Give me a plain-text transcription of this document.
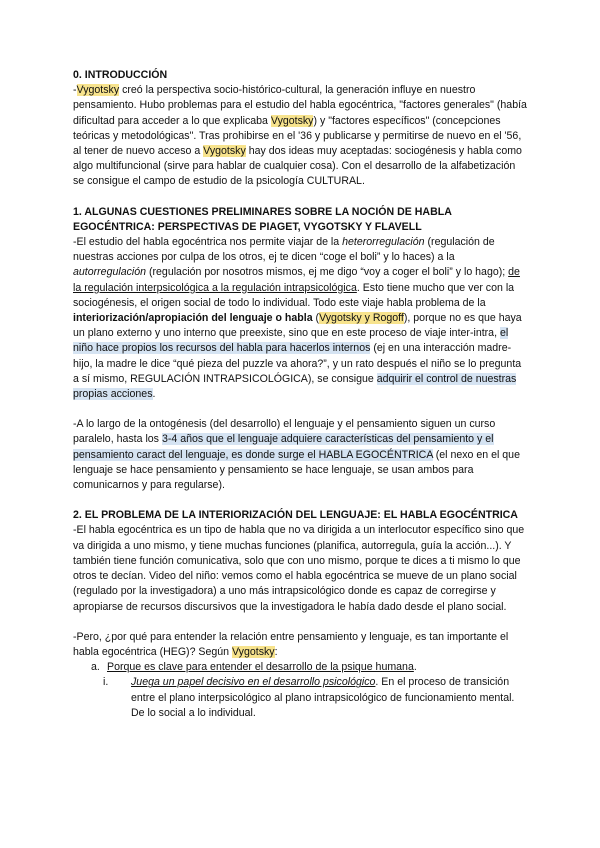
0. INTRODUCCIÓN

-Vygotsky creó la perspectiva socio-histórico-cultural, la generación influye en nuestro pensamiento. Hubo problemas para el estudio del habla egocéntrica, "factores generales" (había dificultad para acceder a lo que explicaba Vygotsky) y "factores específicos" (concepciones teóricas y metodológicas". Tras prohibirse en el '36 y publicarse y permitirse de nuevo en el '56, al tener de nuevo acceso a Vygotsky hay dos ideas muy aceptadas: sociogénesis y habla como algo multifuncional (sirve para hablar de cualquier cosa). Con el desarrollo de la alfabetización se consigue el campo de estudio de la psicología CULTURAL.

1. ALGUNAS CUESTIONES PRELIMINARES SOBRE LA NOCIÓN DE HABLA EGOCÉNTRICA: PERSPECTIVAS DE PIAGET, VYGOTSKY Y FLAVELL

-El estudio del habla egocéntrica nos permite viajar de la heterorregulación (regulación de nuestras acciones por culpa de los otros, ej te dicen “coge el boli” y lo haces) a la autorregulación (regulación por nosotros mismos, ej me digo “voy a coger el boli” y lo hago); de la regulación interpsicológica a la regulación intrapsicológica. Esto tiene mucho que ver con la sociogénesis, el origen social de todo lo individual. Todo este viaje habla problema de la interiorización/apropiación del lenguaje o habla (Vygotsky y Rogoff), porque no es que haya un plano externo y uno interno que preexiste, sino que en este proceso de viaje inter-intra, el niño hace propios los recursos del habla para hacerlos internos (ej en una interacción madre-hijo, la madre le dice “qué pieza del puzzle va ahora?”, y un rato después el niño se lo pregunta a sí mismo, REGULACIÓN INTRAPSICOLÓGICA), se consigue adquirir el control de nuestras propias acciones.

-A lo largo de la ontogénesis (del desarrollo) el lenguaje y el pensamiento siguen un curso paralelo, hasta los 3-4 años que el lenguaje adquiere características del pensamiento y el pensamiento caract del lenguaje, es donde surge el HABLA EGOCÉNTRICA (el nexo en el que lenguaje se hace pensamiento y pensamiento se hace lenguaje, se usan ambos para comunicarnos y para regularse).

2. EL PROBLEMA DE LA INTERIORIZACIÓN DEL LENGUAJE: EL HABLA EGOCÉNTRICA

-El habla egocéntrica es un tipo de habla que no va dirigida a un interlocutor específico sino que va dirigida a uno mismo, y tiene muchas funciones (planifica, autorregula, guía la acción...). Y también tiene función comunicativa, solo que con uno mismo, porque te dices a ti mismo lo que otros te decían. Video del niño: vemos como el habla egocéntrica se mueve de un plano social (regulado por la investigadora) a uno más intrapsicológico donde es capaz de corregirse y apropiarse de recursos discursivos que la investigadora le había dado desde el plano social.

-Pero, ¿por qué para entender la relación entre pensamiento y lenguaje, es tan importante el habla egocéntrica (HEG)? Según Vygotsky:

a. Porque es clave para entender el desarrollo de la psique humana.

i. Juega un papel decisivo en el desarrollo psicológico. En el proceso de transición entre el plano interpsicológico al plano intrapsicológico de funcionamiento mental. De lo social a lo individual.
